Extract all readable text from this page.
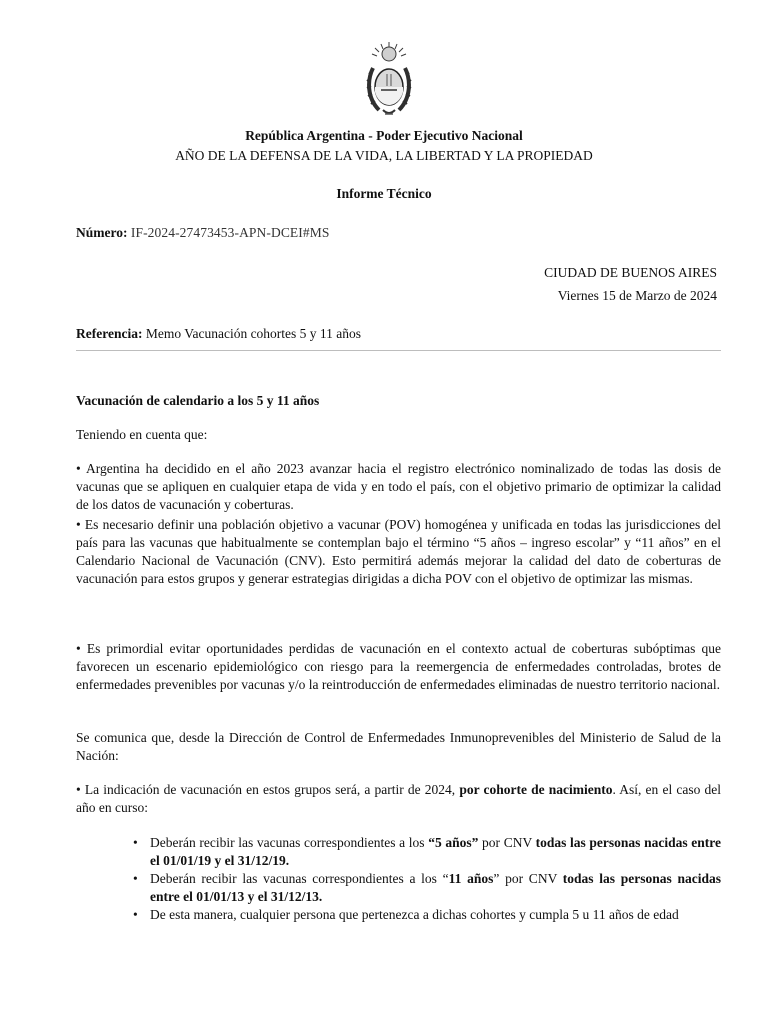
República Argentina - Poder Ejecutivo Nacional
AÑO DE LA DEFENSA DE LA VIDA, LA LIBERTAD Y LA PROPIEDAD
Informe Técnico
Número: IF-2024-27473453-APN-DCEI#MS
CIUDAD DE BUENOS AIRES
Viernes 15 de Marzo de 2024
Referencia: Memo Vacunación cohortes 5 y 11 años
Vacunación de calendario a los 5 y 11 años
Teniendo en cuenta que:

• Argentina ha decidido en el año 2023 avanzar hacia el registro electrónico nominalizado de todas las dosis de vacunas que se apliquen en cualquier etapa de vida y en todo el país, con el objetivo primario de optimizar la calidad de los datos de vacunación y coberturas.

• Es necesario definir una población objetivo a vacunar (POV) homogénea y unificada en todas las jurisdicciones del país para las vacunas que habitualmente se contemplan bajo el término “5 años – ingreso escolar” y “11 años” en el Calendario Nacional de Vacunación (CNV). Esto permitirá además mejorar la calidad del dato de coberturas de vacunación para estos grupos y generar estrategias dirigidas a dicha POV con el objetivo de optimizar las mismas.

• Es primordial evitar oportunidades perdidas de vacunación en el contexto actual de coberturas subóptimas que favorecen un escenario epidemiológico con riesgo para la reemergencia de enfermedades controladas, brotes de enfermedades prevenibles por vacunas y/o la reintroducción de enfermedades eliminadas de nuestro territorio nacional.

Se comunica que, desde la Dirección de Control de Enfermedades Inmunoprevenibles del Ministerio de Salud de la Nación:

• La indicación de vacunación en estos grupos será, a partir de 2024, por cohorte de nacimiento. Así, en el caso del año en curso:

• Deberán recibir las vacunas correspondientes a los “5 años” por CNV todas las personas nacidas entre el 01/01/19 y el 31/12/19.
• Deberán recibir las vacunas correspondientes a los “11 años” por CNV todas las personas nacidas entre el 01/01/13 y el 31/12/13.
• De esta manera, cualquier persona que pertenezca a dichas cohortes y cumpla 5 u 11 años de edad
